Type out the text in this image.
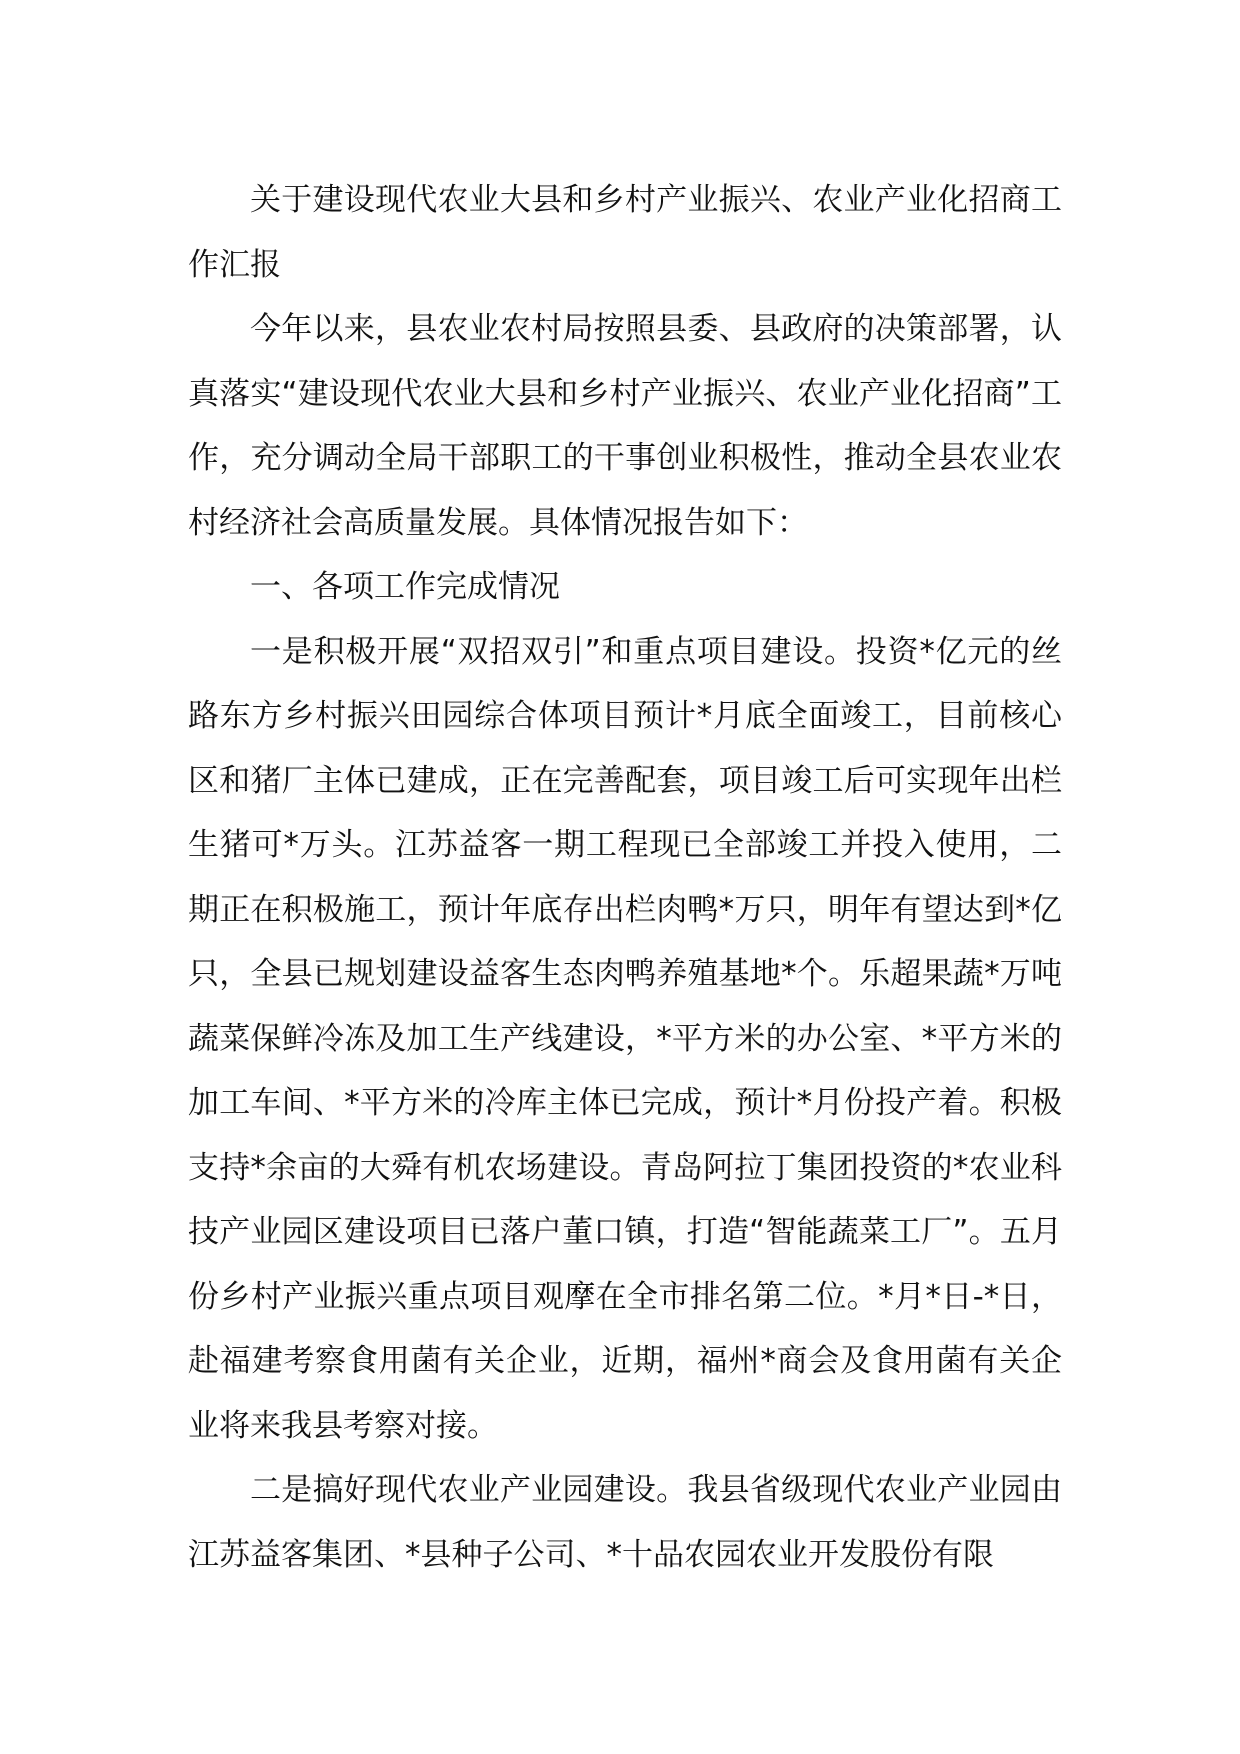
关于建设现代农业大县和乡村产业振兴、农业产业化招商工作汇报

今年以来，县农业农村局按照县委、县政府的决策部署，认真落实“建设现代农业大县和乡村产业振兴、农业产业化招商”工作，充分调动全局干部职工的干事创业积极性，推动全县农业农村经济社会高质量发展。具体情况报告如下：

一、各项工作完成情况

一是积极开展“双招双引”和重点项目建设。投资*亿元的丝路东方乡村振兴田园综合体项目预计*月底全面竣工，目前核心区和猪厂主体已建成，正在完善配套，项目竣工后可实现年出栏生猪可*万头。江苏益客一期工程现已全部竣工并投入使用，二期正在积极施工，预计年底存出栏肉鸭*万只，明年有望达到*亿只，全县已规划建设益客生态肉鸭养殖基地*个。乐超果蔬*万吨蔬菜保鲜冷冻及加工生产线建设，*平方米的办公室、*平方米的加工车间、*平方米的冷库主体已完成，预计*月份投产着。积极支持*余亩的大舜有机农场建设。青岛阿拉丁集团投资的*农业科技产业园区建设项目已落户董口镇，打造“智能蔬菜工厂”。五月份乡村产业振兴重点项目观摩在全市排名第二位。*月*日-*日，赴福建考察食用菌有关企业，近期，福州*商会及食用菌有关企业将来我县考察对接。

二是搞好现代农业产业园建设。我县省级现代农业产业园由江苏益客集团、*县种子公司、*十品农园农业开发股份有限
